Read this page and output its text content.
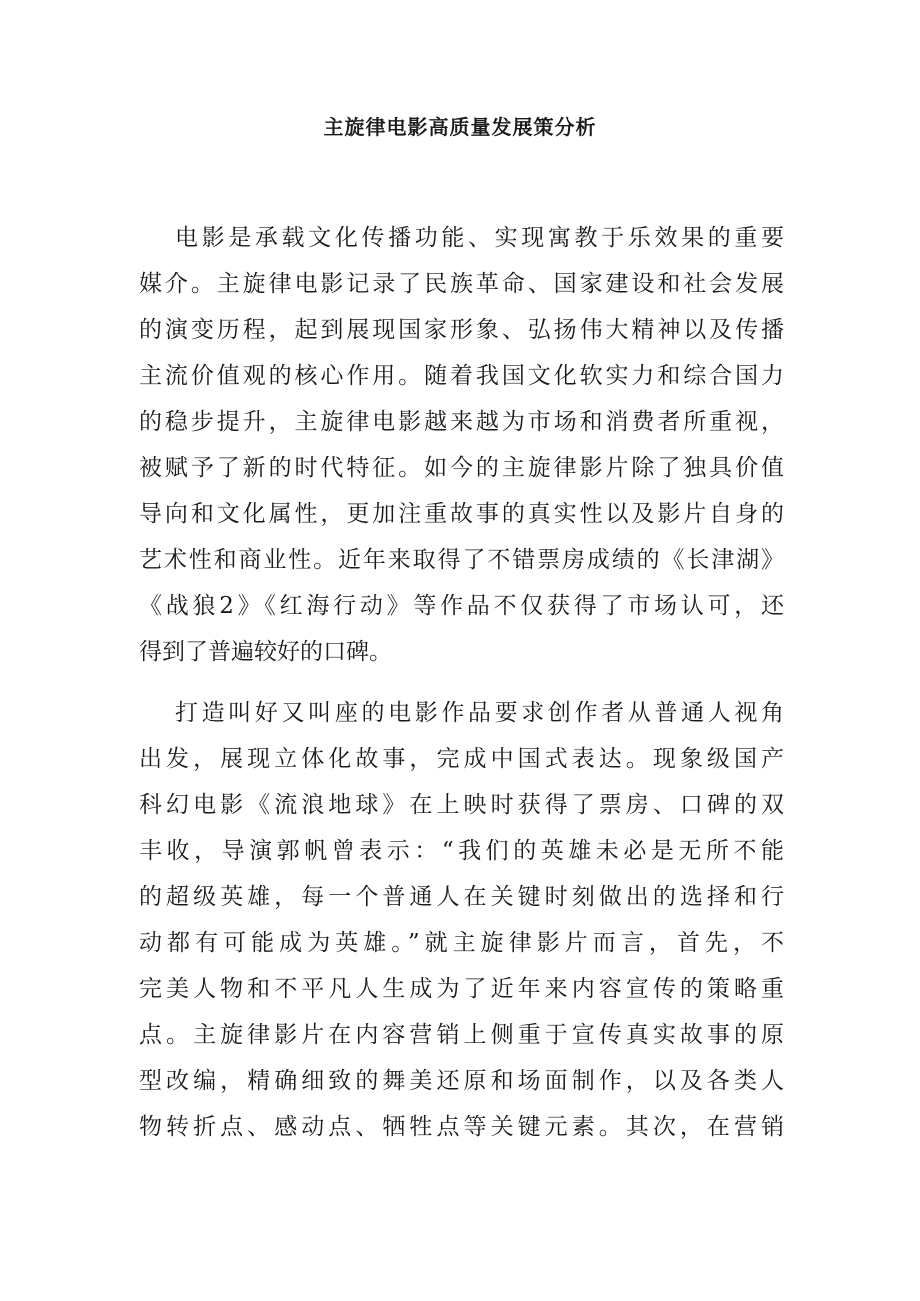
主旋律电影高质量发展策分析
电影是承载文化传播功能、实现寓教于乐效果的重要
媒介。主旋律电影记录了民族革命、国家建设和社会发展
的演变历程，起到展现国家形象、弘扬伟大精神以及传播
主流价值观的核心作用。随着我国文化软实力和综合国力
的稳步提升，主旋律电影越来越为市场和消费者所重视，
被赋予了新的时代特征。如今的主旋律影片除了独具价值
导向和文化属性，更加注重故事的真实性以及影片自身的
艺术性和商业性。近年来取得了不错票房成绩的《长津湖》
《战狼2》《红海行动》等作品不仅获得了市场认可，还
得到了普遍较好的口碑。
打造叫好又叫座的电影作品要求创作者从普通人视角
出发，展现立体化故事，完成中国式表达。现象级国产
科幻电影《流浪地球》在上映时获得了票房、口碑的双
丰收，导演郭帆曾表示：“我们的英雄未必是无所不能
的超级英雄，每一个普通人在关键时刻做出的选择和行
动都有可能成为英雄。”就主旋律影片而言，首先，不
完美人物和不平凡人生成为了近年来内容宣传的策略重
点。主旋律影片在内容营销上侧重于宣传真实故事的原
型改编，精确细致的舞美还原和场面制作，以及各类人
物转折点、感动点、牺牲点等关键元素。其次，在营销
